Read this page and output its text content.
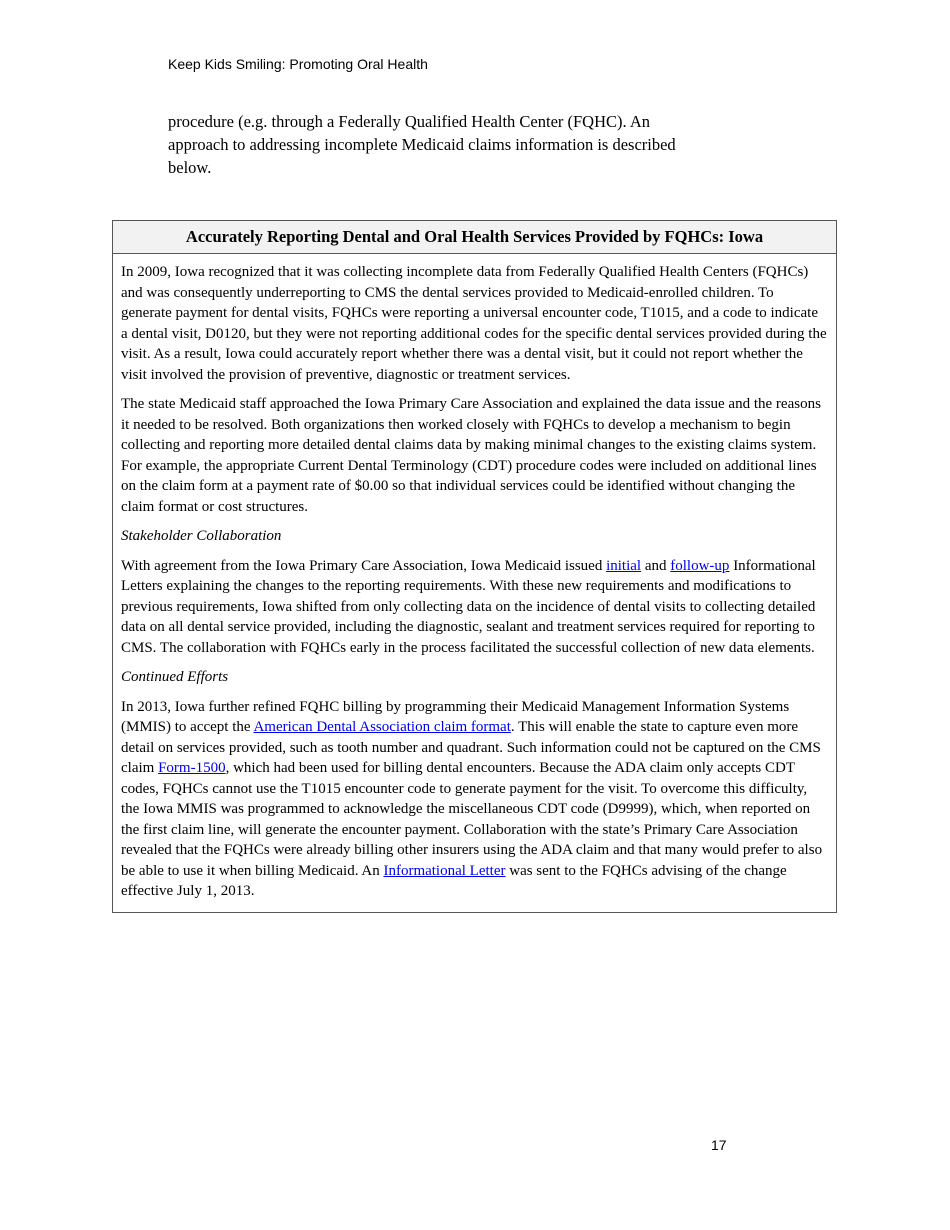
Keep Kids Smiling: Promoting Oral Health

procedure (e.g. through a Federally Qualified Health Center (FQHC). An approach to addressing incomplete Medicaid claims information is described below.

Accurately Reporting Dental and Oral Health Services Provided by FQHCs: Iowa

In 2009, Iowa recognized that it was collecting incomplete data from Federally Qualified Health Centers (FQHCs) and was consequently underreporting to CMS the dental services provided to Medicaid-enrolled children. To generate payment for dental visits, FQHCs were reporting a universal encounter code, T1015, and a code to indicate a dental visit, D0120, but they were not reporting additional codes for the specific dental services provided during the visit. As a result, Iowa could accurately report whether there was a dental visit, but it could not report whether the visit involved the provision of preventive, diagnostic or treatment services.

The state Medicaid staff approached the Iowa Primary Care Association and explained the data issue and the reasons it needed to be resolved. Both organizations then worked closely with FQHCs to develop a mechanism to begin collecting and reporting more detailed dental claims data by making minimal changes to the existing claims system. For example, the appropriate Current Dental Terminology (CDT) procedure codes were included on additional lines on the claim form at a payment rate of $0.00 so that individual services could be identified without changing the claim format or cost structures.

Stakeholder Collaboration

With agreement from the Iowa Primary Care Association, Iowa Medicaid issued initial and follow-up Informational Letters explaining the changes to the reporting requirements. With these new requirements and modifications to previous requirements, Iowa shifted from only collecting data on the incidence of dental visits to collecting detailed data on all dental service provided, including the diagnostic, sealant and treatment services required for reporting to CMS. The collaboration with FQHCs early in the process facilitated the successful collection of new data elements.

Continued Efforts

In 2013, Iowa further refined FQHC billing by programming their Medicaid Management Information Systems (MMIS) to accept the American Dental Association claim format. This will enable the state to capture even more detail on services provided, such as tooth number and quadrant. Such information could not be captured on the CMS claim Form-1500, which had been used for billing dental encounters. Because the ADA claim only accepts CDT codes, FQHCs cannot use the T1015 encounter code to generate payment for the visit. To overcome this difficulty, the Iowa MMIS was programmed to acknowledge the miscellaneous CDT code (D9999), which, when reported on the first claim line, will generate the encounter payment. Collaboration with the state’s Primary Care Association revealed that the FQHCs were already billing other insurers using the ADA claim and that many would prefer to also be able to use it when billing Medicaid. An Informational Letter was sent to the FQHCs advising of the change effective July 1, 2013.

17
